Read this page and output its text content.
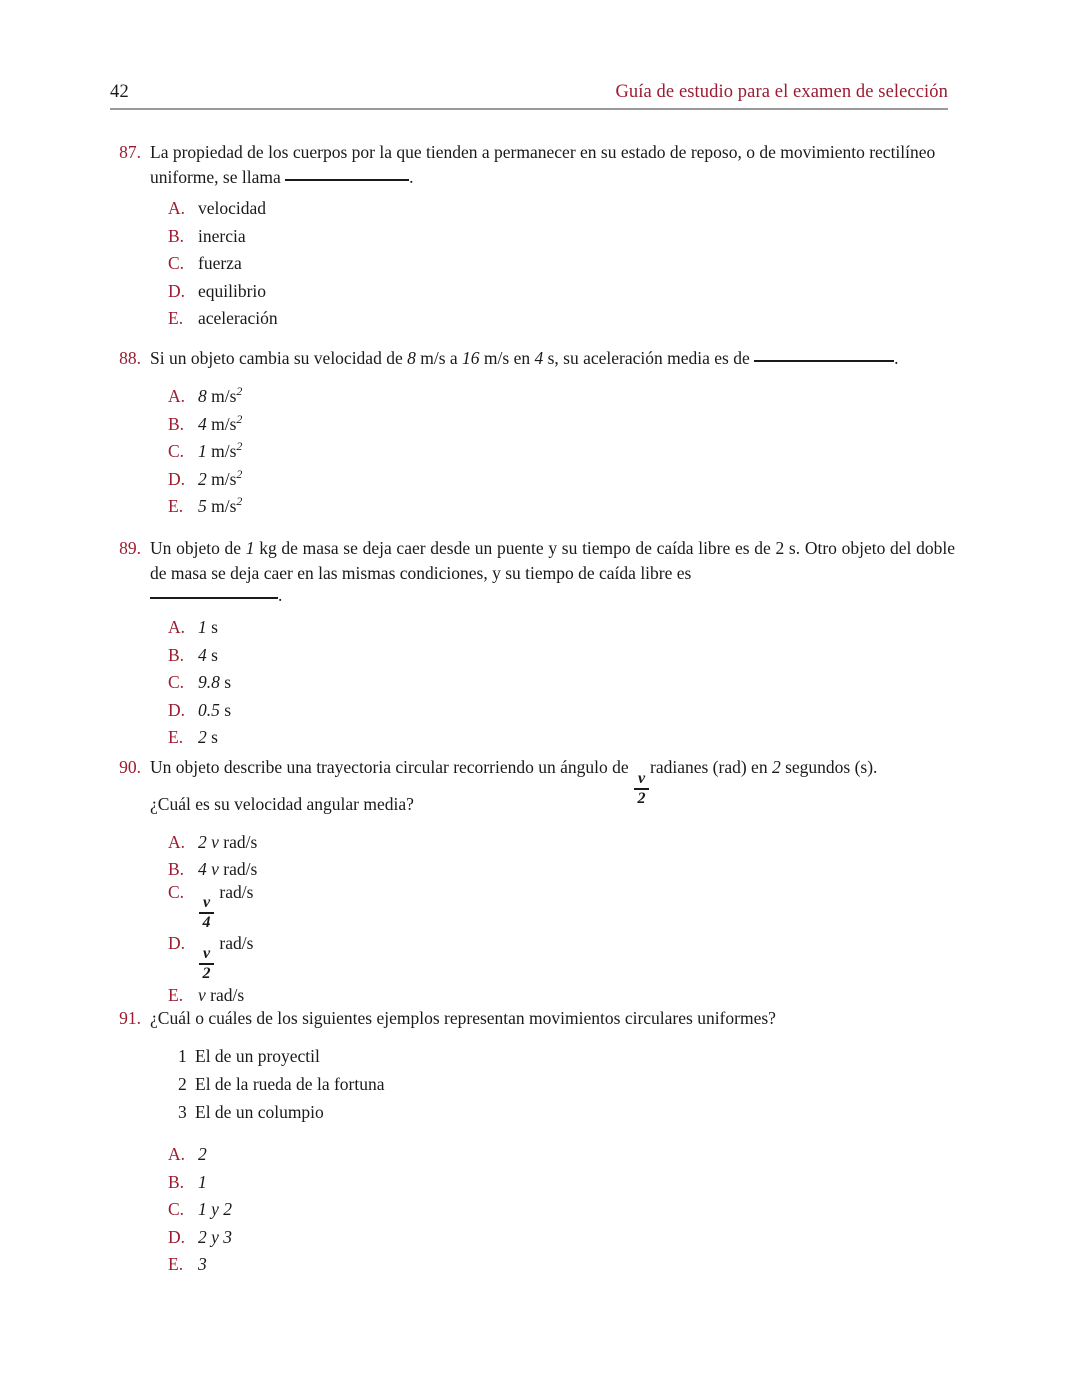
42	Guía de estudio para el examen de selección
87. La propiedad de los cuerpos por la que tienden a permanecer en su estado de reposo, o de movimiento rectilíneo uniforme, se llama	.
A. velocidad
B. inercia
C. fuerza
D. equilibrio
E. aceleración
88. Si un objeto cambia su velocidad de 8 m/s a 16 m/s en 4 s, su aceleración media es de	.
A. 8 $m/s^2$
B. 4 $m/s^2$
C. 1 $m/s^2$
D. 2 $m/s^2$
E. 5 $m/s^2$
89. Un objeto de 1 kg de masa se deja caer desde un puente y su tiempo de caída libre es de 2 s. Otro objeto del doble de masa se deja caer en las mismas condiciones, y su tiempo de caída libre es
.
A. 1 s
B. 4 s
C. 9.8 s
D. 0.5 s
E. 2 s
90. Un objeto describe una trayectoria circular recorriendo un ángulo de
$\frac{v}{2}$
radianes (rad) en 2 segundos (s).
¿Cuál es su velocidad angular media?
A. 2 v rad/s
B. 4 v rad/s
C.
$\frac{v}{4}$
rad/s
D.
$\frac{v}{2}$
rad/s
E. v rad/s
91. ¿Cuál o cuáles de los siguientes ejemplos representan movimientos circulares uniformes?
1 El de un proyectil
2 El de la rueda de la fortuna
3 El de un columpio
A. 2
B. 1
C. 1 y 2
D. 2 y 3
E. 3
